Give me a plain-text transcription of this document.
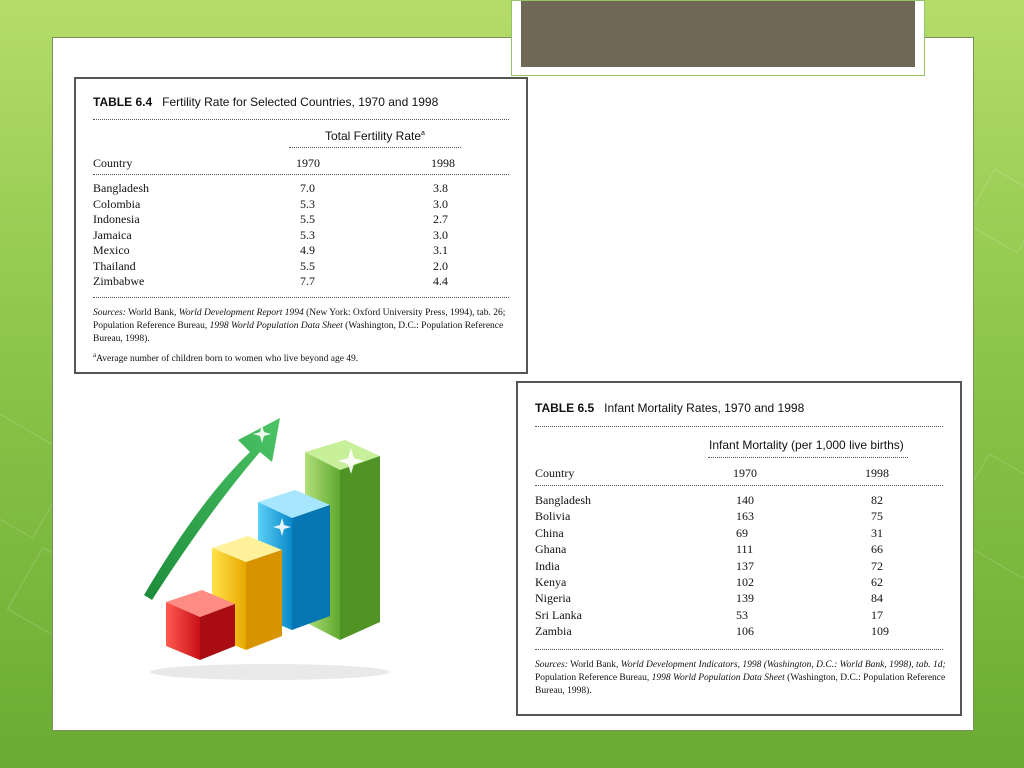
TABLE 6.4 Fertility Rate for Selected Countries, 1970 and 1998
Total Fertility Rate$^a$
Country	1970	1998
Bangladesh	7.0	3.8
Colombia	5.3	3.0
Indonesia	5.5	2.7
Jamaica	5.3	3.0
Mexico	4.9	3.1
Thailand	5.5	2.0
Zimbabwe	7.7	4.4
Sources: World Bank, World Development Report 1994 (New York: Oxford University Press, 1994), tab. 26; Population Reference Bureau, 1998 World Population Data Sheet (Washington, D.C.: Population Reference Bureau, 1998).
$^a$Average number of children born to women who live beyond age 49.
TABLE 6.5 Infant Mortality Rates, 1970 and 1998
Infant Mortality (per 1,000 live births)
Country	1970	1998
Bangladesh	140	82
Bolivia	163	75
China	69	31
Ghana	111	66
India	137	72
Kenya	102	62
Nigeria	139	84
Sri Lanka	53	17
Zambia	106	109
Sources: World Bank, World Development Indicators, 1998 (Washington, D.C.: World Bank, 1998), tab. 1d; Population Reference Bureau, 1998 World Population Data Sheet (Washington, D.C.: Population Reference Bureau, 1998).
